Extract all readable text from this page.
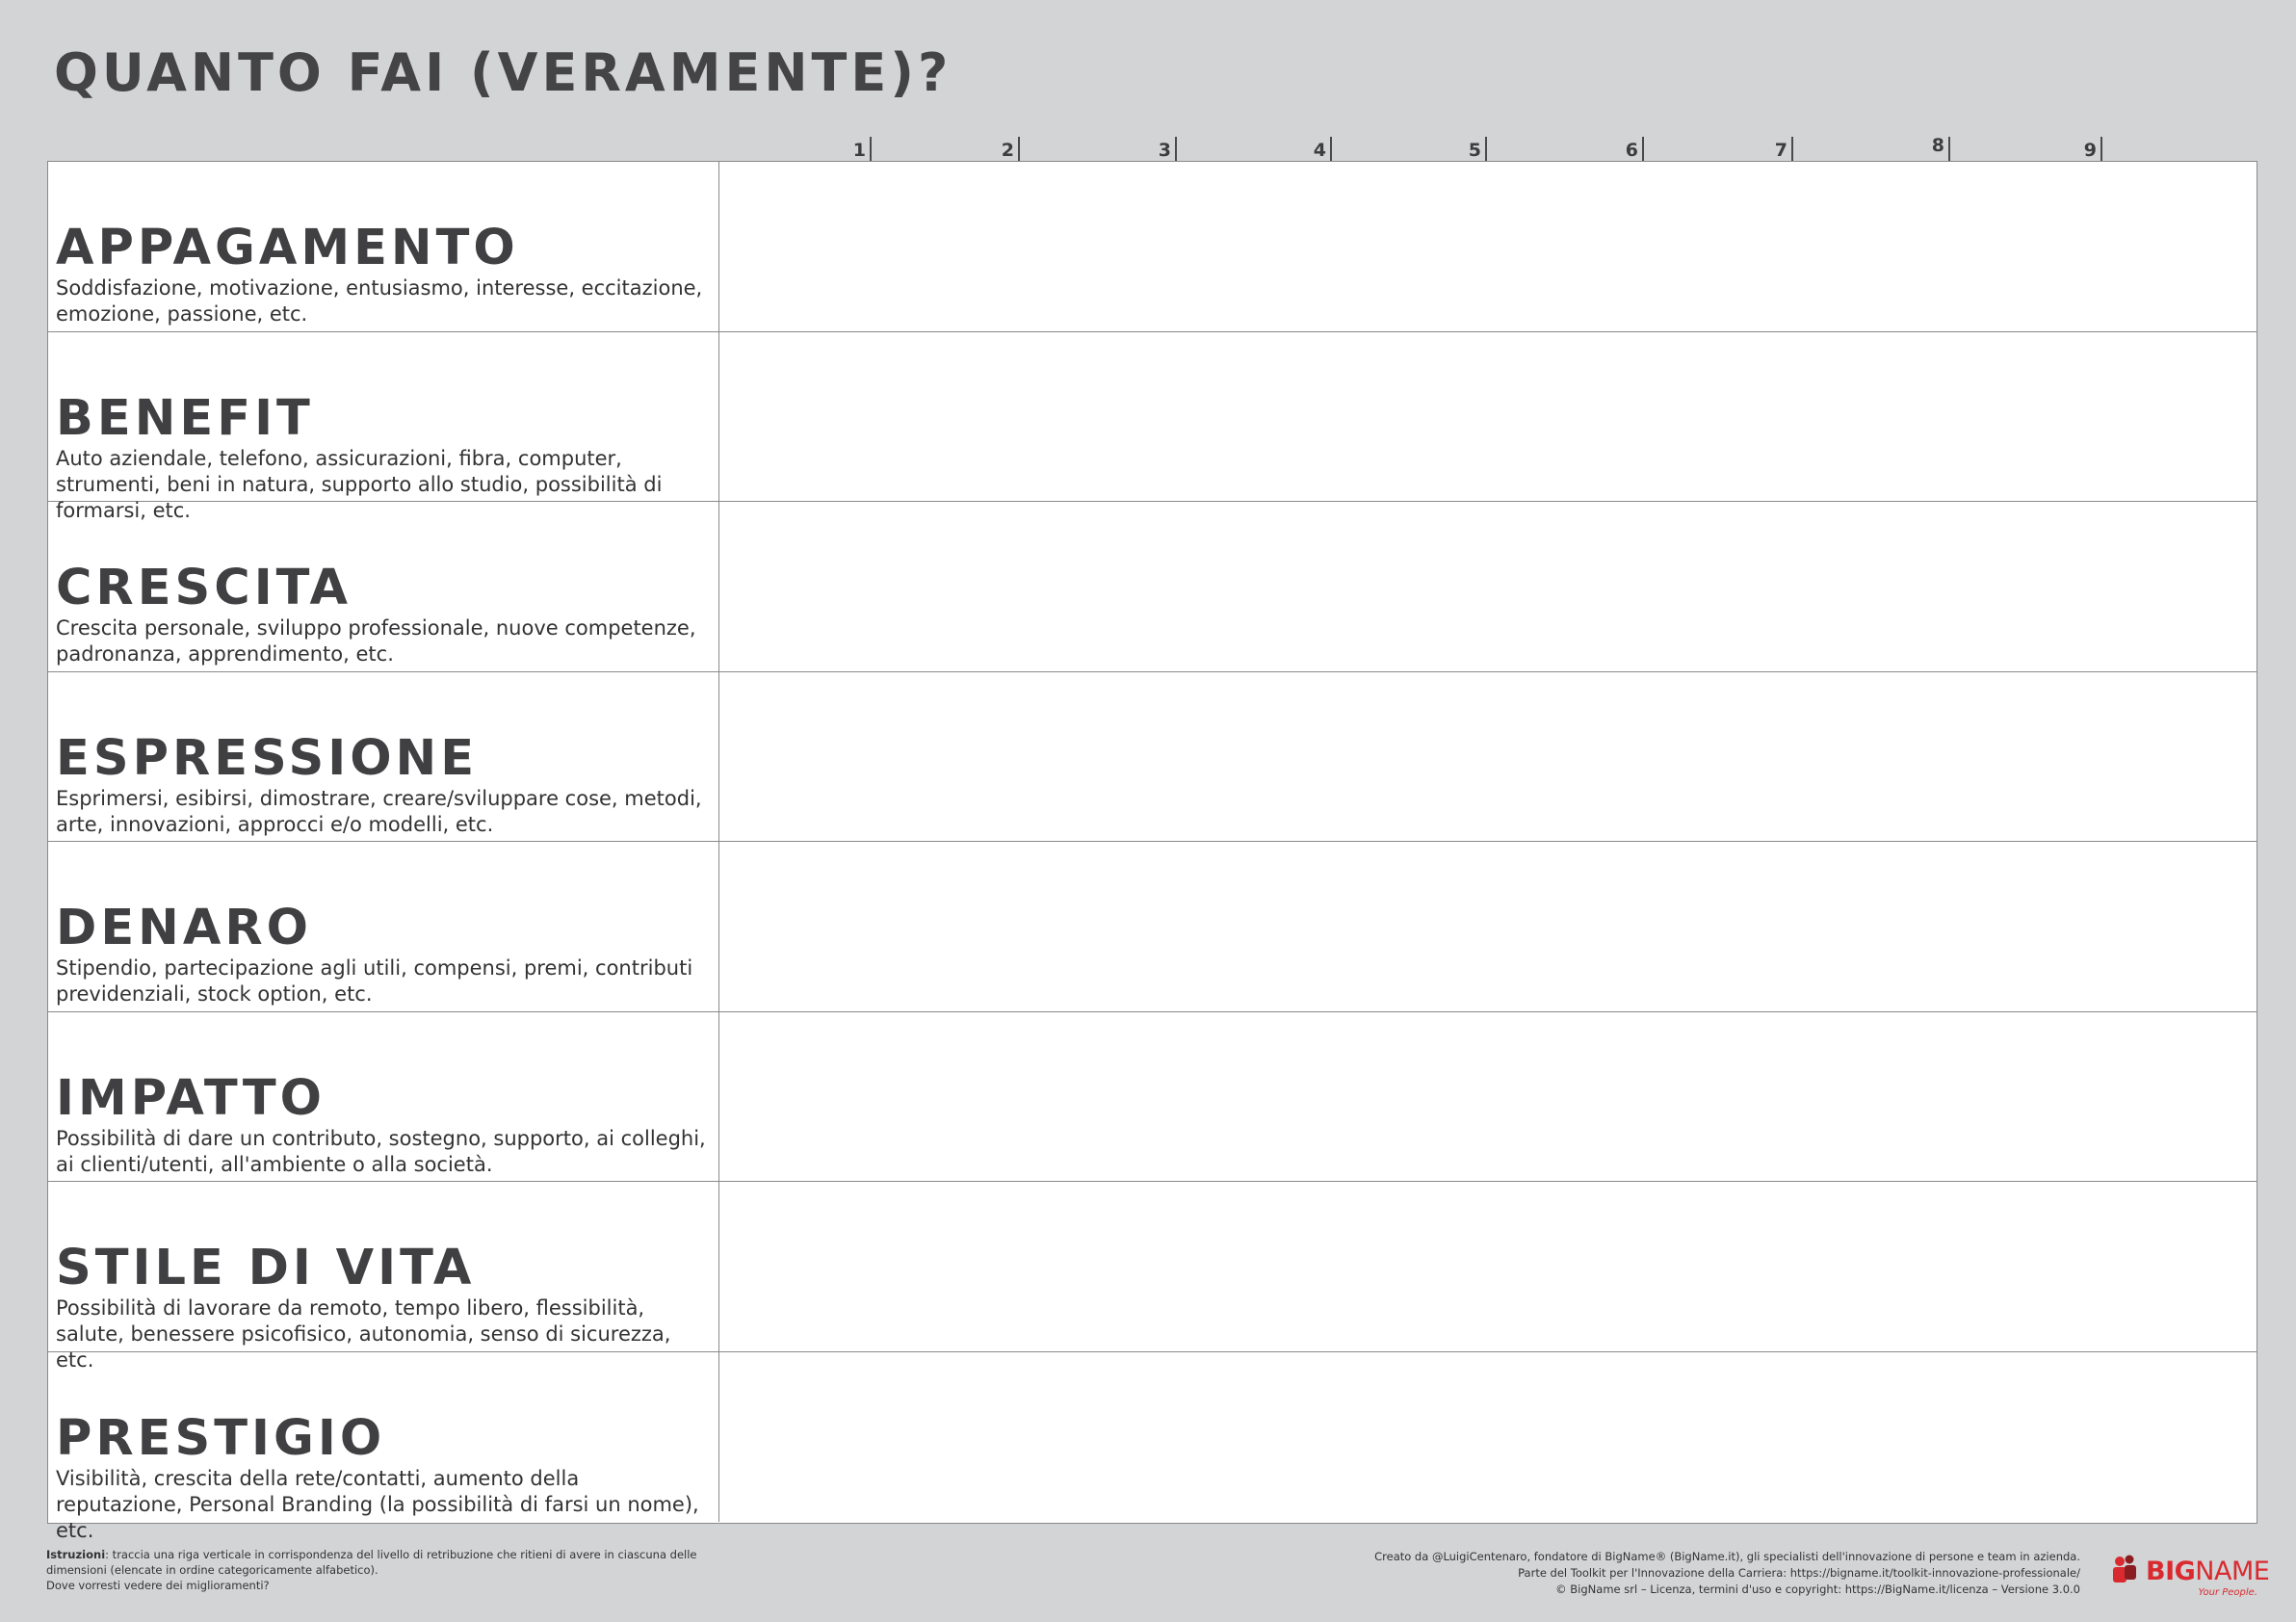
QUANTO FAI (VERAMENTE)?
1	2	3	4	5	6	7	8	9
APPAGAMENTO
Soddisfazione, motivazione, entusiasmo, interesse, eccitazione, emozione, passione, etc.
BENEFIT
Auto aziendale, telefono, assicurazioni, fibra, computer, strumenti, beni in natura, supporto allo studio, possibilità di formarsi, etc.
CRESCITA
Crescita personale, sviluppo professionale, nuove competenze, padronanza, apprendimento, etc.
ESPRESSIONE
Esprimersi, esibirsi, dimostrare, creare/sviluppare cose, metodi, arte, innovazioni, approcci e/o modelli, etc.
DENARO
Stipendio, partecipazione agli utili, compensi, premi, contributi previdenziali, stock option, etc.
IMPATTO
Possibilità di dare un contributo, sostegno, supporto, ai colleghi, ai clienti/utenti, all'ambiente o alla società.
STILE DI VITA
Possibilità di lavorare da remoto, tempo libero, flessibilità, salute, benessere psicofisico, autonomia, senso di sicurezza, etc.
PRESTIGIO
Visibilità, crescita della rete/contatti, aumento della reputazione, Personal Branding (la possibilità di farsi un nome), etc.
Istruzioni: traccia una riga verticale in corrispondenza del livello di retribuzione che ritieni di avere in ciascuna delle dimensioni (elencate in ordine categoricamente alfabetico).
Dove vorresti vedere dei miglioramenti?
Creato da @LuigiCentenaro, fondatore di BigName® (BigName.it), gli specialisti dell'innovazione di persone e team in azienda.
Parte del Toolkit per l'Innovazione della Carriera: https://bigname.it/toolkit-innovazione-professionale/
© BigName srl – Licenza, termini d'uso e copyright: https://BigName.it/licenza – Versione 3.0.0
BIGNAME
Your People.
